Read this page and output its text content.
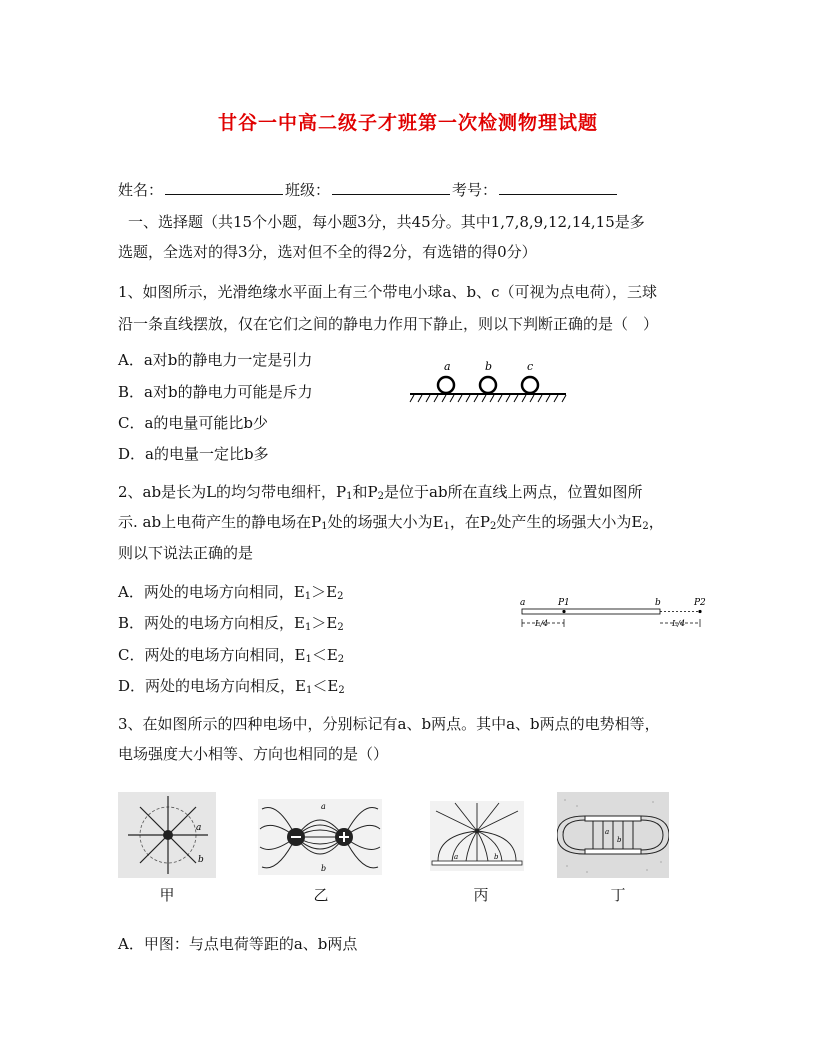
甘谷一中高二级子才班第一次检测物理试题
姓名：	班级：	考号：
一、选择题（共15个小题，每小题3分，共45分。其中1,7,8,9,12,14,15是多
选题，全选对的得3分，选对但不全的得2分，有选错的得0分）
1、如图所示，光滑绝缘水平面上有三个带电小球a、b、c（可视为点电荷），三球
沿一条直线摆放，仅在它们之间的静电力作用下静止，则以下判断正确的是（　）
A．a对b的静电力一定是引力
B．a对b的静电力可能是斥力
C．a的电量可能比b少
D．a的电量一定比b多
a	b	c
2、ab是长为L的均匀带电细杆，$P_1$和$P_2$是位于ab所在直线上两点，位置如图所
示. ab上电荷产生的静电场在$P_1$处的场强大小为$E_1$，在$P_2$处产生的场强大小为$E_2$，
则以下说法正确的是
A．两处的电场方向相同，$E_1>E_2$
B．两处的电场方向相反，$E_1>E_2$
C．两处的电场方向相同，$E_1<E_2$
D．两处的电场方向相反，$E_1<E_2$
a	P1	b	P2
L/4	L/4
3、在如图所示的四种电场中，分别标记有a、b两点。其中a、b两点的电势相等，
电场强度大小相等、方向也相同的是（）
a
b
甲
a
b
乙
a	b
丙
a
b
丁
A．甲图：与点电荷等距的a、b两点
